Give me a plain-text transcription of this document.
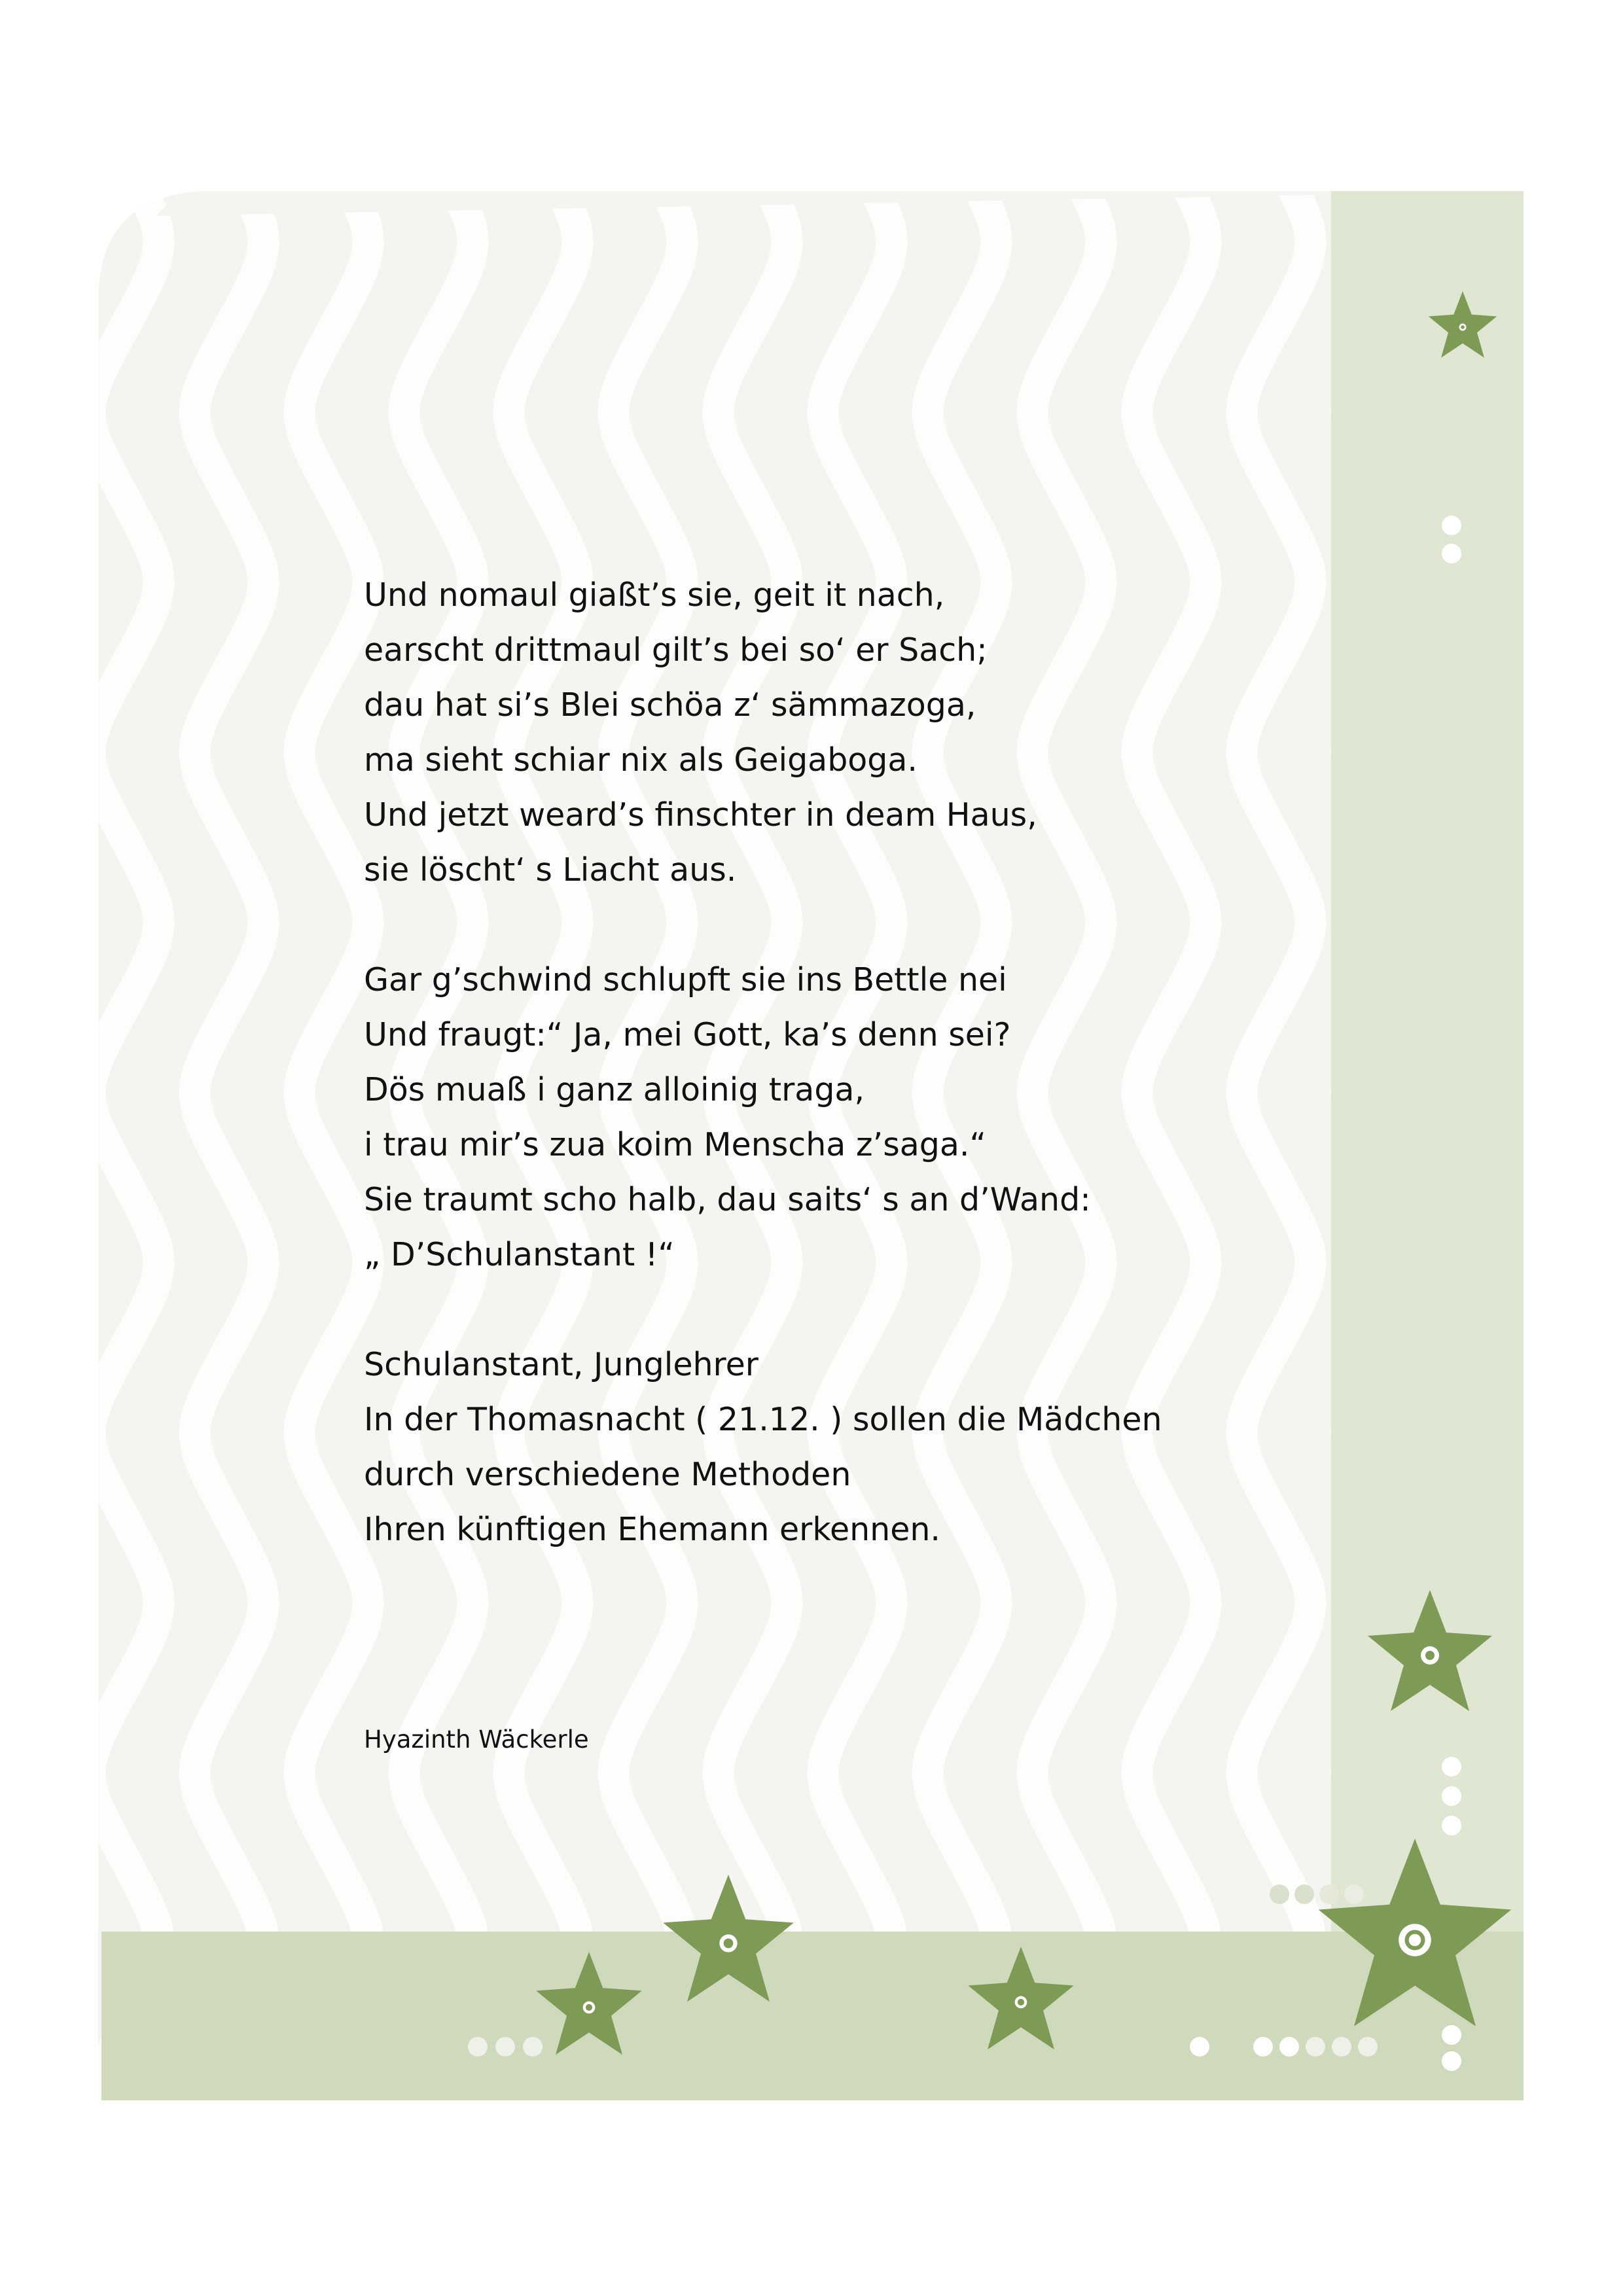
Und nomaul giaßt’s sie, geit it nach,
earscht drittmaul gilt’s bei so‘ er Sach;
dau hat si’s Blei schöa z‘ sämmazoga,
ma sieht schiar nix als Geigaboga.
Und jetzt weard’s finschter in deam Haus,
sie löscht‘ s Liacht aus.
Gar g’schwind schlupft sie ins Bettle nei
Und fraugt:“ Ja, mei Gott, ka’s denn sei?
Dös muaß i ganz alloinig traga,
i trau mir’s zua koim Menscha z’saga.“
Sie traumt scho halb, dau saits‘ s an d’Wand:
„ D’Schulanstant !“
Schulanstant, Junglehrer
In der Thomasnacht ( 21.12. ) sollen die Mädchen
durch verschiedene Methoden
Ihren künftigen Ehemann erkennen.
Hyazinth Wäckerle
